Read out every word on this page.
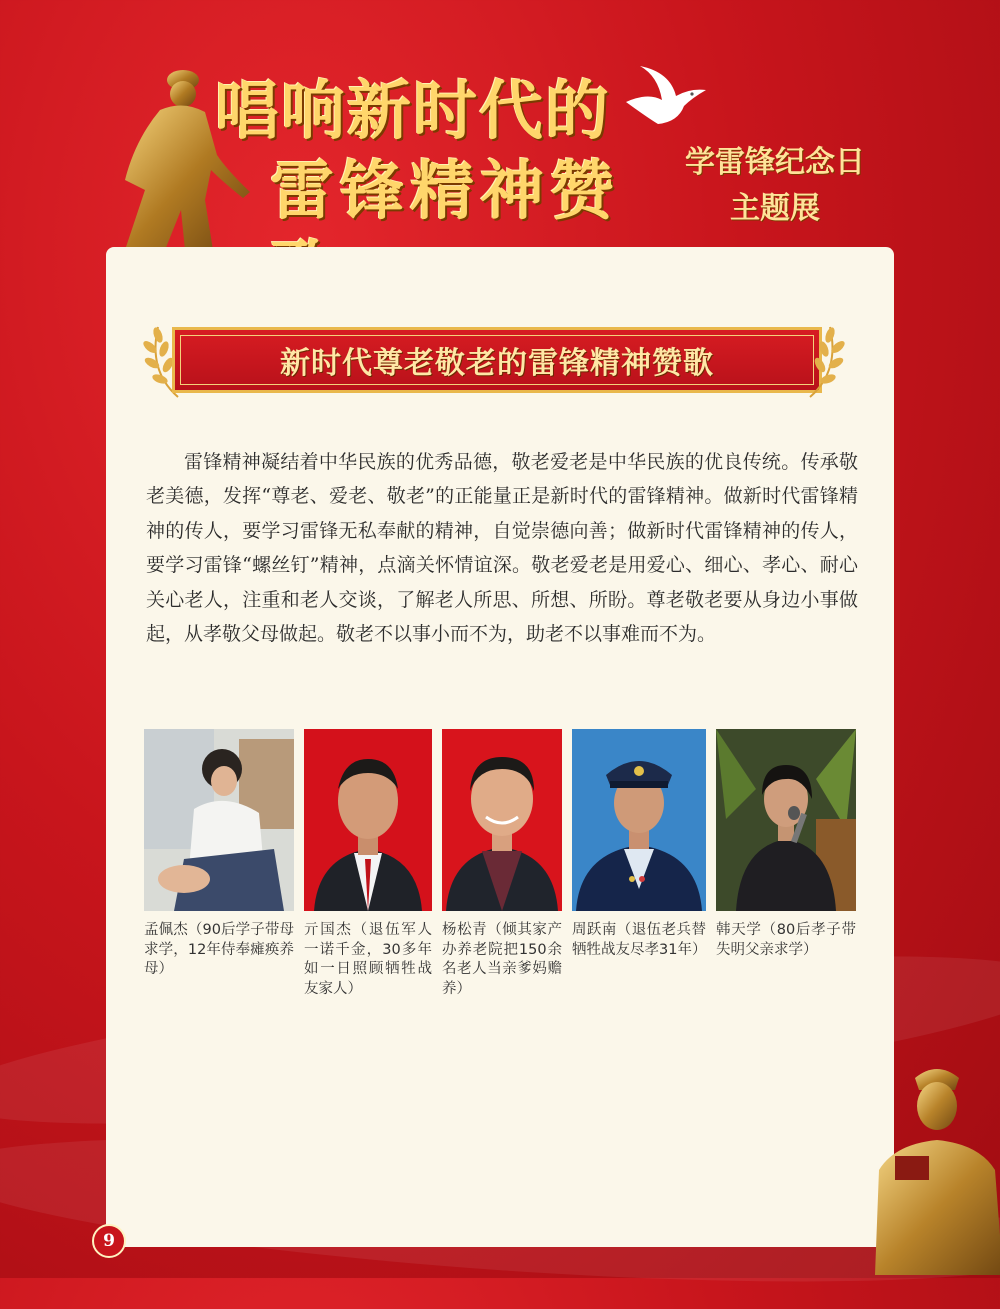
唱响新时代的
雷锋精神赞	学雷锋纪念日
主题展
新时代尊老敬老的雷锋精神赞歌

雷锋精神凝结着中华民族的优秀品德，敬老爱老是中华民族的优良传统。传承敬老美德，发挥“尊老、爱老、敬老”的正能量正是新时代的雷锋精神。做新时代雷锋精神的传人，要学习雷锋无私奉献的精神，自觉崇德向善；做新时代雷锋精神的传人，要学习雷锋“螺丝钉”精神，点滴关怀情谊深。敬老爱老是用爱心、细心、孝心、耐心关心老人，注重和老人交谈，了解老人所思、所想、所盼。尊老敬老要从身边小事做起，从孝敬父母做起。敬老不以事小而不为，助老不以事难而不为。

孟佩杰（90后学子带母求学，12年侍奉瘫痪养母）
亓国杰（退伍军人一诺千金，30多年如一日照顾牺牲战友家人）
杨松青（倾其家产办养老院把150余名老人当亲爹妈赡养）
周跃南（退伍老兵替牺牲战友尽孝31年）
韩天学（80后孝子带失明父亲求学）
9
